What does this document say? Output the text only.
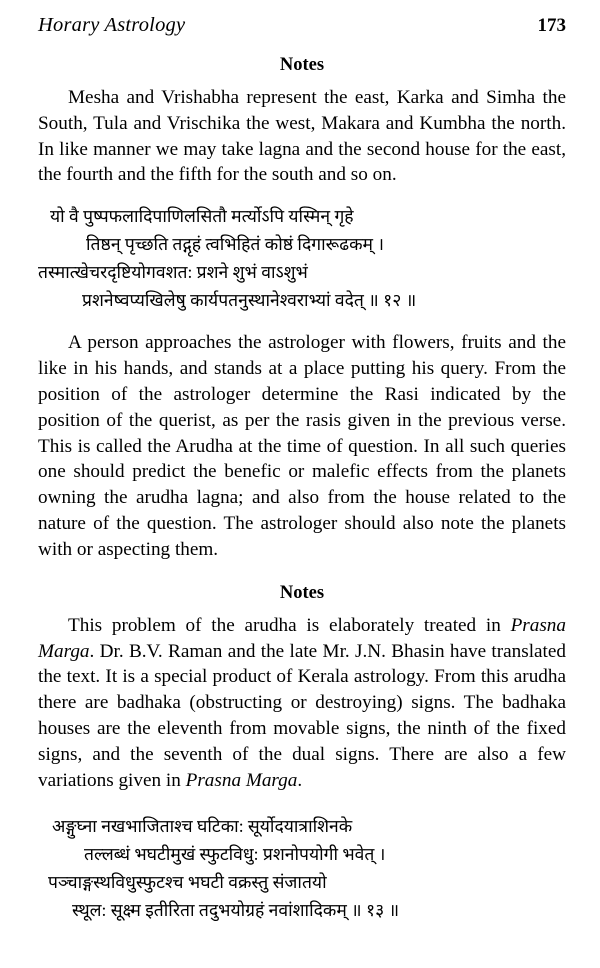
Horary Astrology	173
Notes

Mesha and Vrishabha represent the east, Karka and Simha the South, Tula and Vrischika the west, Makara and Kumbha the north. In like manner we may take lagna and the second house for the east, the fourth and the fifth for the south and so on.

यो वै पुष्पफलादिपाणिलसितौ मर्त्योऽपि यस्मिन् गृहे
तिष्ठन् पृच्छति तद्गृहं त्वभिहितं कोष्ठं दिगारूढकम् ।
तस्मात्खेचरदृष्टियोगवशत: प्रशने शुभं वाऽशुभं
प्रशनेष्वप्यखिलेषु कार्यपतनुस्थानेश्वराभ्यां वदेत् ॥ १२ ॥

A person approaches the astrologer with flowers, fruits and the like in his hands, and stands at a place putting his query. From the position of the astrologer determine the Rasi indicated by the position of the querist, as per the rasis given in the previous verse. This is called the Arudha at the time of question. In all such queries one should predict the benefic or malefic effects from the planets owning the arudha lagna; and also from the house related to the nature of the question. The astrologer should also note the planets with or aspecting them.

Notes

This problem of the arudha is elaborately treated in Prasna Marga. Dr. B.V. Raman and the late Mr. J.N. Bhasin have translated the text. It is a special product of Kerala astrology. From this arudha there are badhaka (obstructing or destroying) signs. The badhaka houses are the eleventh from movable signs, the ninth of the fixed signs, and the seventh of the dual signs. There are also a few variations given in Prasna Marga.

अङ्गुघ्ना नखभाजिताश्च घटिका: सूर्योदयात्राशिनके
तल्लब्धं भघटीमुखं स्फुटविधु: प्रशनोपयोगी भवेत् ।
पञ्चाङ्गस्थविधुस्फुटश्च भघटी वक्रस्तु संजातयो
स्थूल: सूक्ष्म इतीरिता तदुभयोग्रहं नवांशादिकम् ॥ १३ ॥
